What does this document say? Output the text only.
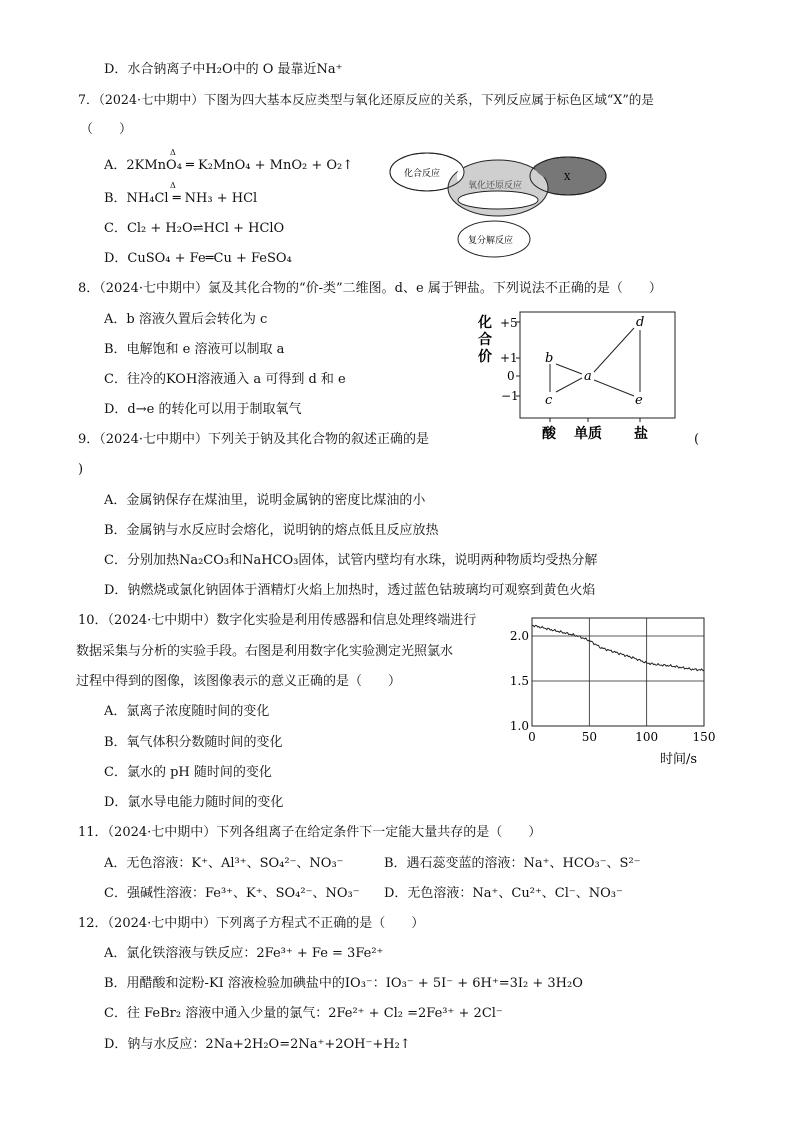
D．水合钠离子中H₂O中的 O 最靠近Na⁺
7．（2024·七中期中）下图为四大基本反应类型与氧化还原反应的关系，下列反应属于标色区域“X”的是
（　　）
A．2KMnO₄ ═ K₂MnO₄ + MnO₂ + O₂↑
Δ
B．NH₄Cl ═ NH₃ + HCl
Δ
C．Cl₂ + H₂O⇌HCl + HClO
D．CuSO₄ + Fe═Cu + FeSO₄
化合反应
氧化还原反应
X
复分解反应
8．（2024·七中期中）氯及其化合物的“价-类”二维图。d、e 属于钾盐。下列说法不正确的是（　　）
A．b 溶液久置后会转化为 c
B．电解饱和 e 溶液可以制取 a
C．往冷的KOH溶液通入 a 可得到 d 和 e
D．d→e 的转化可以用于制取氧气
化
合
价
+5
+1
0
−1
a
b
c
d
e
酸 单质 盐
9．（2024·七中期中）下列关于钠及其化合物的叙述正确的是	(
)
A．金属钠保存在煤油里，说明金属钠的密度比煤油的小
B．金属钠与水反应时会熔化，说明钠的熔点低且反应放热
C．分别加热Na₂CO₃和NaHCO₃固体，试管内壁均有水珠，说明两种物质均受热分解
D．钠燃烧或氯化钠固体于酒精灯火焰上加热时，透过蓝色钴玻璃均可观察到黄色火焰
10．（2024·七中期中）数字化实验是利用传感器和信息处理终端进行
数据采集与分析的实验手段。右图是利用数字化实验测定光照氯水
过程中得到的图像，该图像表示的意义正确的是（　　）
A．氯离子浓度随时间的变化
B．氧气体积分数随时间的变化
C．氯水的 pH 随时间的变化
D．氯水导电能力随时间的变化
1.0
1.5
2.0
0	50	100	150
时间/s
11．（2024·七中期中）下列各组离子在给定条件下一定能大量共存的是（　　）
A．无色溶液：K⁺、Al³⁺、SO₄²⁻、NO₃⁻	B．遇石蕊变蓝的溶液：Na⁺、HCO₃⁻、S²⁻
C．强碱性溶液：Fe³⁺、K⁺、SO₄²⁻、NO₃⁻ D．无色溶液：Na⁺、Cu²⁺、Cl⁻、NO₃⁻
12．（2024·七中期中）下列离子方程式不正确的是（　　）
A．氯化铁溶液与铁反应：2Fe³⁺ + Fe = 3Fe²⁺
B．用醋酸和淀粉-KI 溶液检验加碘盐中的IO₃⁻：IO₃⁻ + 5I⁻ + 6H⁺=3I₂ + 3H₂O
C．往 FeBr₂ 溶液中通入少量的氯气：2Fe²⁺ + Cl₂ =2Fe³⁺ + 2Cl⁻
D．钠与水反应：2Na+2H₂O=2Na⁺+2OH⁻+H₂↑
